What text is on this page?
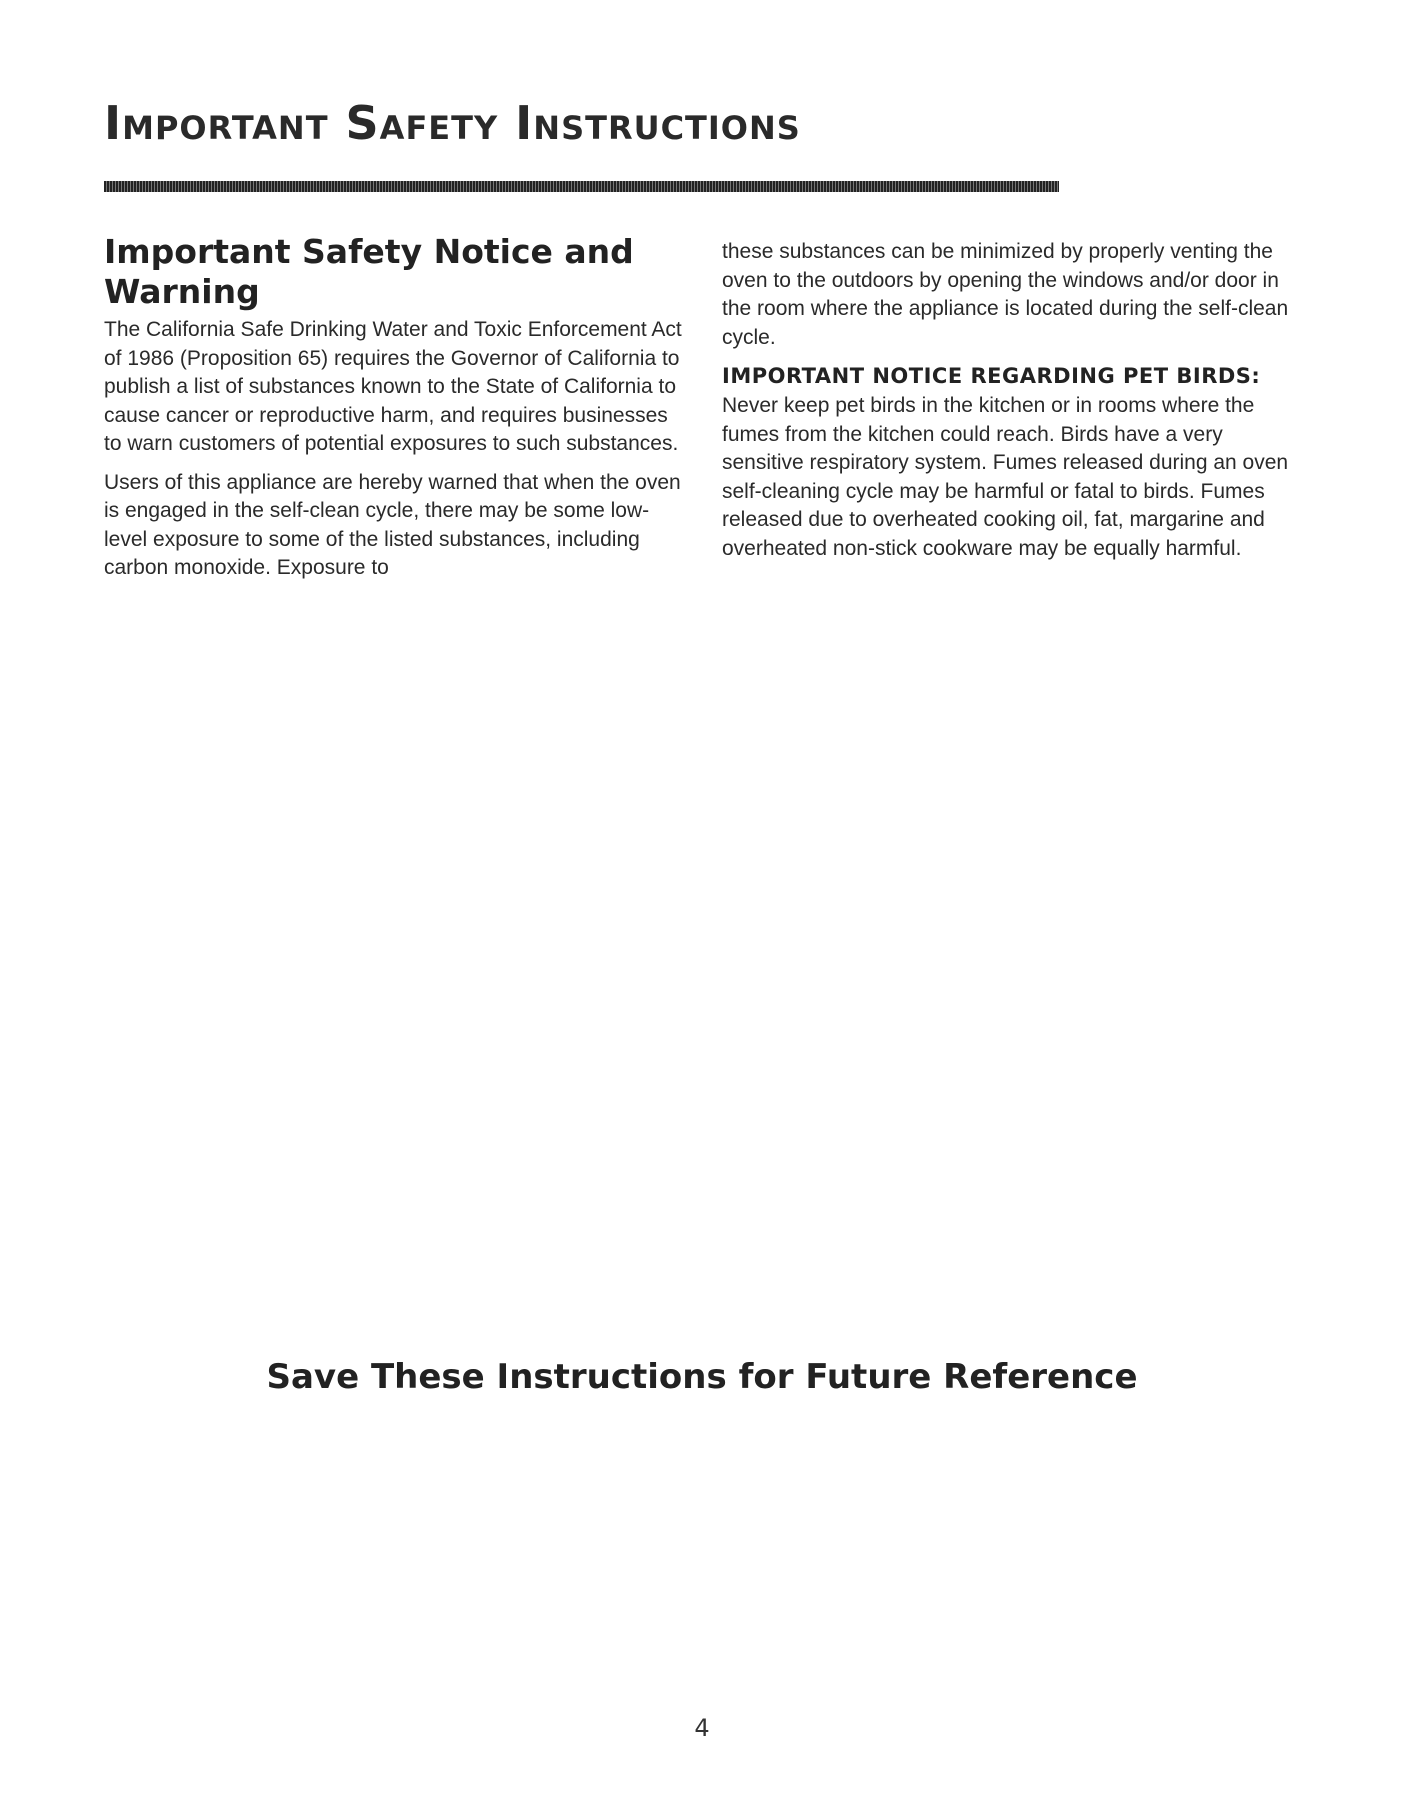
Important Safety Instructions
Important Safety Notice and Warning

The California Safe Drinking Water and Toxic Enforcement Act of 1986 (Proposition 65) requires the Governor of California to publish a list of substances known to the State of California to cause cancer or reproductive harm, and requires businesses to warn customers of potential exposures to such substances.

Users of this appliance are hereby warned that when the oven is engaged in the self-clean cycle, there may be some low-level exposure to some of the listed substances, including carbon monoxide. Exposure to

these substances can be minimized by properly venting the oven to the outdoors by opening the windows and/or door in the room where the appliance is located during the self-clean cycle.

IMPORTANT NOTICE REGARDING PET BIRDS:

Never keep pet birds in the kitchen or in rooms where the fumes from the kitchen could reach. Birds have a very sensitive respiratory system. Fumes released during an oven self-cleaning cycle may be harmful or fatal to birds. Fumes released due to overheated cooking oil, fat, margarine and overheated non-stick cookware may be equally harmful.

Save These Instructions for Future Reference
4
